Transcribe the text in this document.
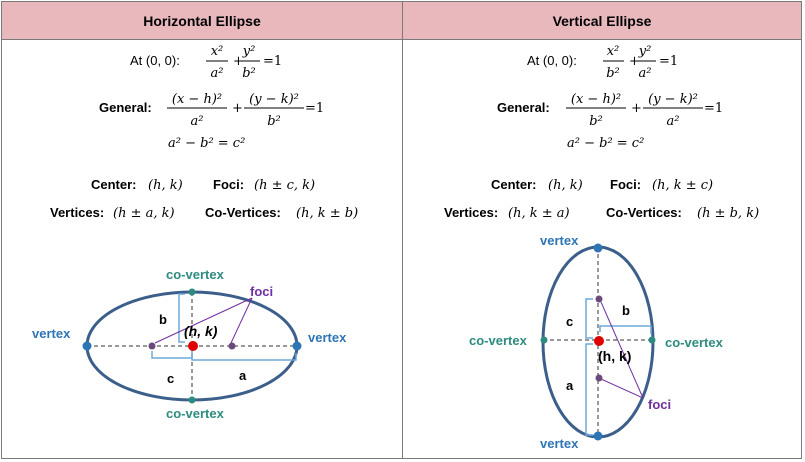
Horizontal Ellipse	Vertical Ellipse
At (0, 0):
x²
a²
+
y²
b²
=1
General:
(x − h)²
a²
+
(y − k)²
b²
=1
a² − b² = c²
Center: (h, k) Foci: (h ± c, k)
Vertices: (h ± a, k) Co-Vertices: (h, k ± b)
b
c	a
foci
(h, k)
vertex	vertex
co-vertex
co-vertex
At (0, 0):
x²
b²
+
y²
a²
=1
General:
(x − h)²
b²
+
(y − k)²
a²
=1
a² − b² = c²
Center: (h, k) Foci: (h, k ± c)
Vertices: (h, k ± a)	Co-Vertices: (h ± b, k)
c
b
a
foci
(h, k)
vertex
vertex
co-vertex	co-vertex
